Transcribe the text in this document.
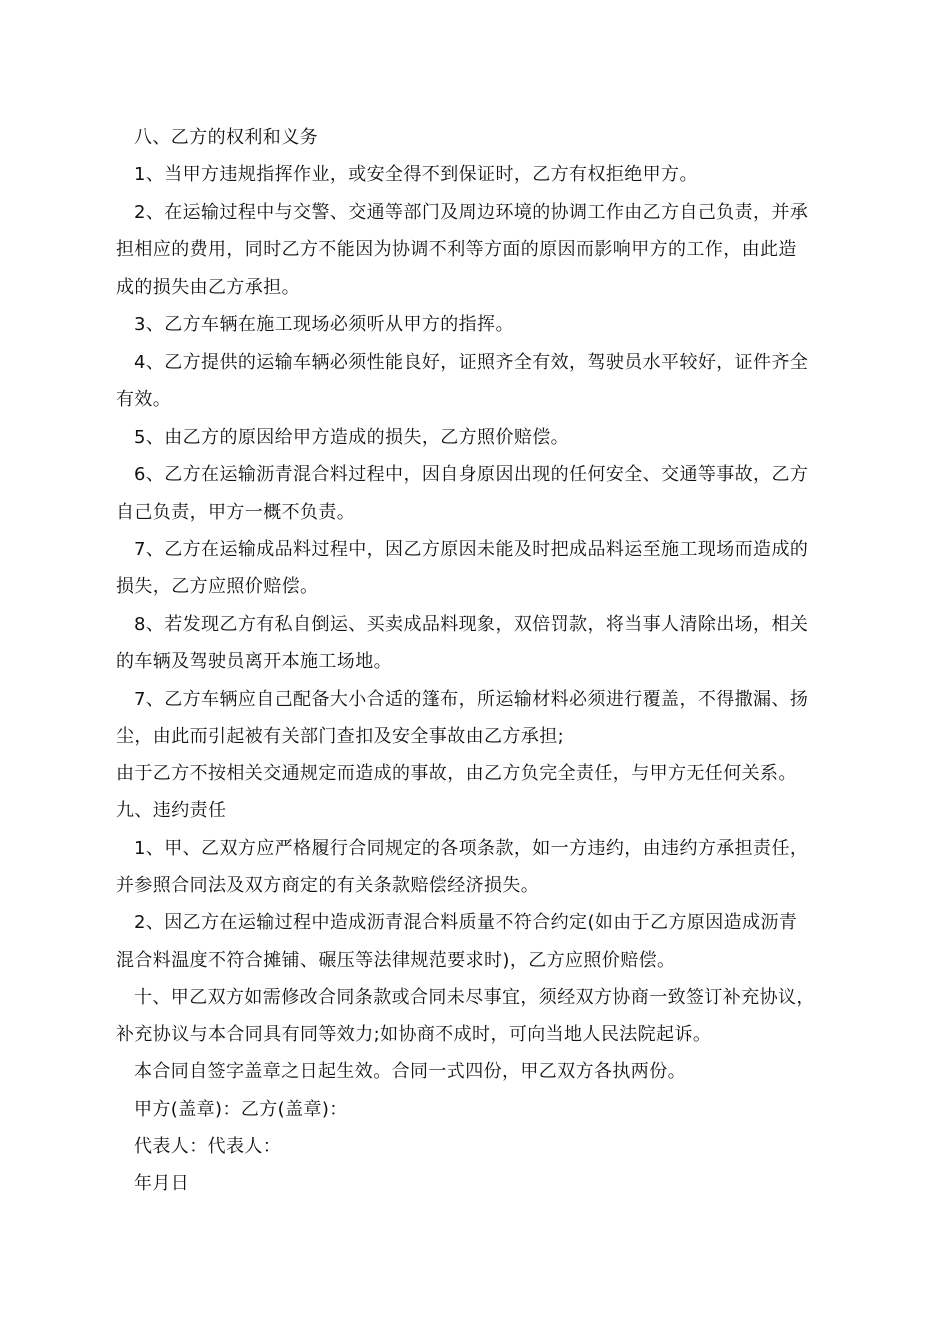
八、乙方的权利和义务
1、当甲方违规指挥作业，或安全得不到保证时，乙方有权拒绝甲方。
2、在运输过程中与交警、交通等部门及周边环境的协调工作由乙方自己负责，并承
担相应的费用，同时乙方不能因为协调不利等方面的原因而影响甲方的工作，由此造
成的损失由乙方承担。
3、乙方车辆在施工现场必须听从甲方的指挥。
4、乙方提供的运输车辆必须性能良好，证照齐全有效，驾驶员水平较好，证件齐全
有效。
5、由乙方的原因给甲方造成的损失，乙方照价赔偿。
6、乙方在运输沥青混合料过程中，因自身原因出现的任何安全、交通等事故，乙方
自己负责，甲方一概不负责。
7、乙方在运输成品料过程中，因乙方原因未能及时把成品料运至施工现场而造成的
损失，乙方应照价赔偿。
8、若发现乙方有私自倒运、买卖成品料现象，双倍罚款，将当事人清除出场，相关
的车辆及驾驶员离开本施工场地。
7、乙方车辆应自己配备大小合适的篷布，所运输材料必须进行覆盖，不得撒漏、扬
尘，由此而引起被有关部门查扣及安全事故由乙方承担;
由于乙方不按相关交通规定而造成的事故，由乙方负完全责任，与甲方无任何关系。
九、违约责任
1、甲、乙双方应严格履行合同规定的各项条款，如一方违约，由违约方承担责任，
并参照合同法及双方商定的有关条款赔偿经济损失。
2、因乙方在运输过程中造成沥青混合料质量不符合约定(如由于乙方原因造成沥青
混合料温度不符合摊铺、碾压等法律规范要求时)，乙方应照价赔偿。
十、甲乙双方如需修改合同条款或合同未尽事宜，须经双方协商一致签订补充协议，
补充协议与本合同具有同等效力;如协商不成时，可向当地人民法院起诉。
本合同自签字盖章之日起生效。合同一式四份，甲乙双方各执两份。
甲方(盖章)：乙方(盖章)：
代表人：代表人：
年月日
